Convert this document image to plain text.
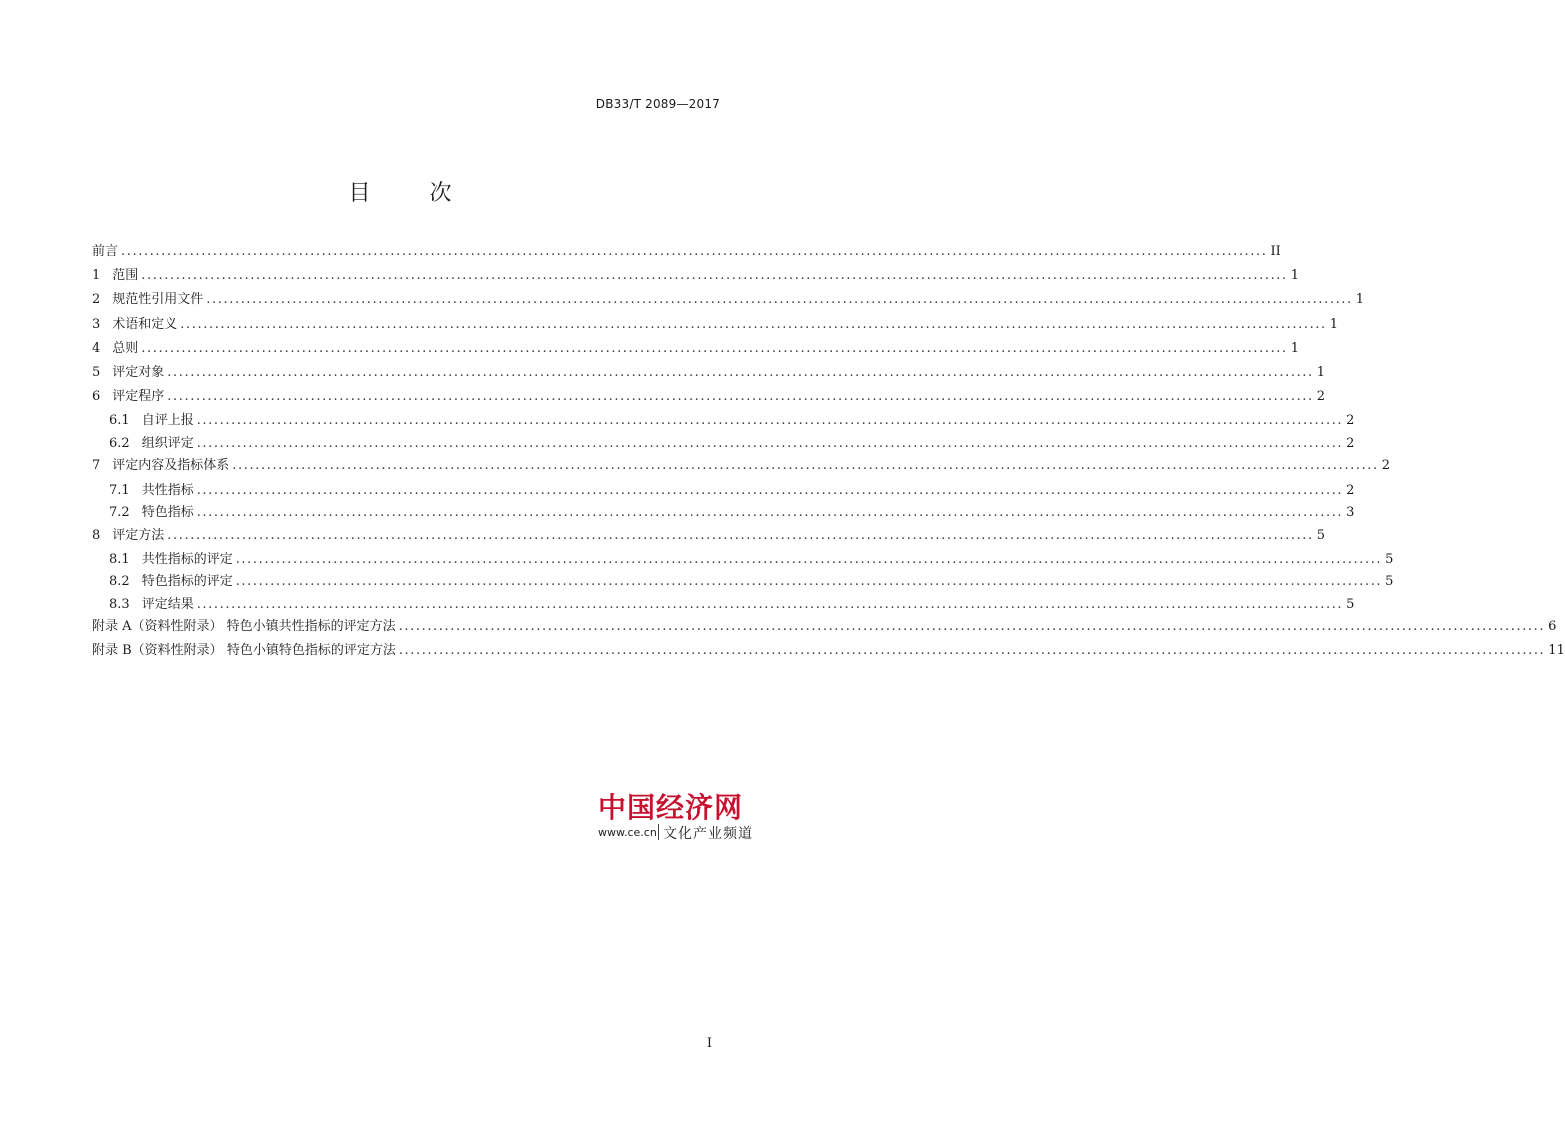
DB33/T 2089—2017
目 次
前言 ........................................................................................................................................................................................................ II
1 范围 ........................................................................................................................................................................................................ 1
2 规范性引用文件 ........................................................................................................................................................................................................ 1
3 术语和定义 ........................................................................................................................................................................................................ 1
4 总则 ........................................................................................................................................................................................................ 1
5 评定对象 ........................................................................................................................................................................................................ 1
6 评定程序 ........................................................................................................................................................................................................ 2
6.1 自评上报 ........................................................................................................................................................................................................ 2
6.2 组织评定 ........................................................................................................................................................................................................ 2
7 评定内容及指标体系 ........................................................................................................................................................................................................ 2
7.1 共性指标 ........................................................................................................................................................................................................ 2
7.2 特色指标 ........................................................................................................................................................................................................ 3
8 评定方法 ........................................................................................................................................................................................................ 5
8.1 共性指标的评定 ........................................................................................................................................................................................................ 5
8.2 特色指标的评定 ........................................................................................................................................................................................................ 5
8.3 评定结果 ........................................................................................................................................................................................................ 5
附录 A（资料性附录） 特色小镇共性指标的评定方法 ........................................................................................................................................................................................................ 6
附录 B（资料性附录） 特色小镇特色指标的评定方法 ........................................................................................................................................................................................................ 11
中国经济网
www.ce.cn 文化产业频道
I
